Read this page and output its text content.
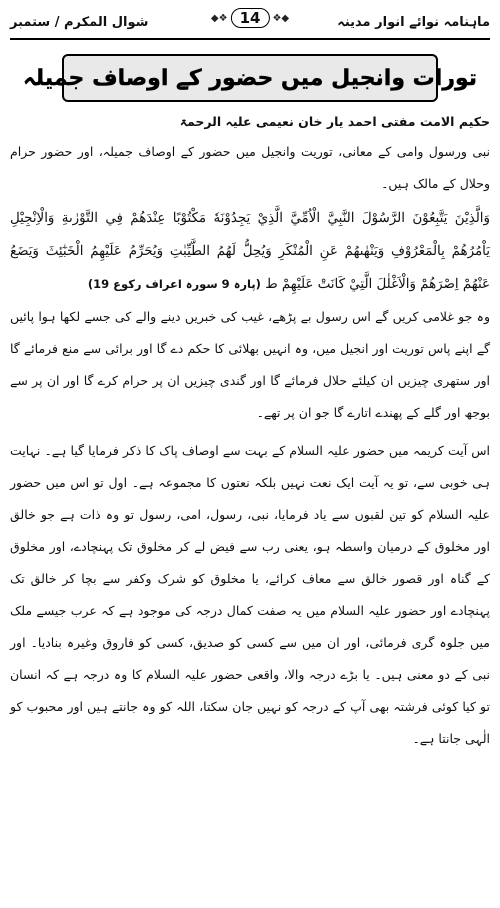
ماہنامہ نوائے انوار مدینہ
◆❖ 14	❖◆
شوال المکرم / ستمبر
تورات وانجیل میں حضور کے اوصاف جمیلہ
حکیم الامت مفتی احمد یار خان نعیمی علیہ الرحمۃ

نبی ورسول وامی کے معانی، توریت وانجیل میں حضور کے اوصاف جمیلہ، اور حضور حرام وحلال کے مالک ہیں۔

وَالَّذِيْنَ يَتَّبِعُوْنَ الرَّسُوْلَ النَّبِيَّ الْاُمِّيَّ الَّذِيْ يَجِدُوْنَهٗ مَكْتُوْبًا عِنْدَهُمْ فِي التَّوْرٰىةِ وَالْاِنْجِيْلِ يَاْمُرُهُمْ بِالْمَعْرُوْفِ وَيَنْهٰىهُمْ عَنِ الْمُنْكَرِ وَيُحِلُّ لَهُمُ الطَّيِّبٰتِ وَيُحَرِّمُ عَلَيْهِمُ الْخَبٰٓئِثَ وَيَضَعُ عَنْهُمْ اِصْرَهُمْ وَالْاَغْلٰلَ الَّتِيْ كَانَتْ عَلَيْهِمْ ط (پارہ 9 سورہ اعراف رکوع 19)

وہ جو غلامی کریں گے اس رسول بے پڑھے، غیب کی خبریں دینے والے کی جسے لکھا ہوا پائیں گے اپنے پاس توریت اور انجیل میں، وہ انہیں بھلائی کا حکم دے گا اور برائی سے منع فرمائے گا اور ستھری چیزیں ان کیلئے حلال فرمائے گا اور گندی چیزیں ان پر حرام کرے گا اور ان پر سے بوجھ اور گلے کے پھندے اتارے گا جو ان پر تھے۔

اس آیت کریمہ میں حضور علیہ السلام کے بہت سے اوصاف پاک کا ذکر فرمایا گیا ہے۔ نہایت ہی خوبی سے، تو یہ آیت ایک نعت نہیں بلکہ نعتوں کا مجموعہ ہے۔ اول تو اس میں حضور علیہ السلام کو تین لقبوں سے یاد فرمایا، نبی، رسول، امی، رسول تو وہ ذات ہے جو خالق اور مخلوق کے درمیان واسطہ ہو، یعنی رب سے فیض لے کر مخلوق تک پہنچادے، اور مخلوق کے گناہ اور قصور خالق سے معاف کرائے، یا مخلوق کو شرک وکفر سے بچا کر خالق تک پہنچادے اور حضور علیہ السلام میں یہ صفت کمال درجہ کی موجود ہے کہ عرب جیسے ملک میں جلوہ گری فرمائی، اور ان میں سے کسی کو صدیق، کسی کو فاروق وغیرہ بنادیا۔ اور نبی کے دو معنی ہیں۔ یا بڑے درجہ والا، واقعی حضور علیہ السلام کا وہ درجہ ہے کہ انسان تو کیا کوئی فرشتہ بھی آپ کے درجہ کو نہیں جان سکتا، اللہ کو وہ جانتے ہیں اور محبوب کو الٰہی جانتا ہے۔
